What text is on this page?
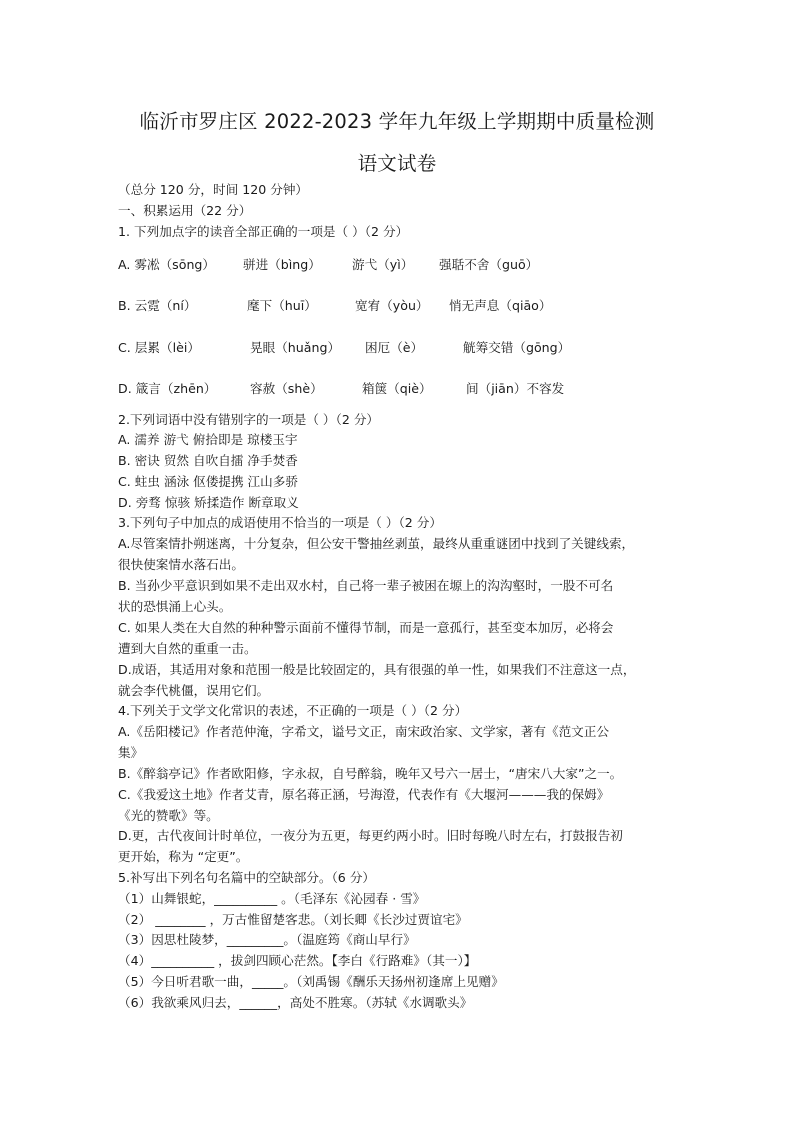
临沂市罗庄区 2022-2023 学年九年级上学期期中质量检测
语文试卷
（总分 120 分，时间 120 分钟）
一、积累运用（22 分）
1. 下列加点字的读音全部正确的一项是（ ）（2 分）
A. 雾凇（sōng） 骈进（bìng） 游弋（yì） 强聒不舍（guō）
B. 云霓（ní）	麾下（huī）	宽宥（yòu） 悄无声息（qiāo）
C. 层累（lèi）	晃眼（huǎng） 困厄（è）	觥筹交错（gōng）
D. 箴言（zhēn）	容赦（shè）	箱箧（qiè）	间（jiān）不容发
2.下列词语中没有错别字的一项是（ ）（2 分）
A. 濡养 游弋 俯拾即是 琼楼玉宇
B. 密诀 贸然 自吹自擂 净手焚香
C. 蛀虫 涵泳 伛偻提携 江山多骄
D. 旁骛 惊骇 矫揉造作 断章取义
3.下列句子中加点的成语使用不恰当的一项是（ ）（2 分）
A.尽管案情扑朔迷离，十分复杂，但公安干警抽丝剥茧，最终从重重谜团中找到了关键线索，
很快使案情水落石出。
B. 当孙少平意识到如果不走出双水村，自己将一辈子被困在塬上的沟沟壑时，一股不可名
状的恐惧涌上心头。
C. 如果人类在大自然的种种警示面前不懂得节制，而是一意孤行，甚至变本加厉，必将会
遭到大自然的重重一击。
D.成语，其适用对象和范围一般是比较固定的，具有很强的单一性，如果我们不注意这一点，
就会李代桃僵，误用它们。
4.下列关于文学文化常识的表述，不正确的一项是（ ）（2 分）
A.《岳阳楼记》作者范仲淹，字希文，谥号文正，南宋政治家、文学家，著有《范文正公
集》
B.《醉翁亭记》作者欧阳修，字永叔，自号醉翁，晚年又号六一居士，“唐宋八大家”之一。
C.《我爱这土地》作者艾青，原名蒋正涵，号海澄，代表作有《大堰河———我的保姆》
《光的赞歌》等。
D.更，古代夜间计时单位，一夜分为五更，每更约两小时。旧时每晚八时左右，打鼓报告初
更开始，称为 “定更”。
5.补写出下列名句名篇中的空缺部分。（6 分）
（1）山舞银蛇，__________ 。（毛泽东《沁园春 · 雪》
（2） ________ ，万古惟留楚客悲。（刘长卿《长沙过贾谊宅》
（3）因思杜陵梦，_________。（温庭筠《商山早行》
（4）__________ ，拔剑四顾心茫然。【李白《行路难》（其一）】
（5）今日听君歌一曲，_____。（刘禹锡《酬乐天扬州初逢席上见赠》
（6）我欲乘风归去，______，高处不胜寒。（苏轼《水调歌头》
